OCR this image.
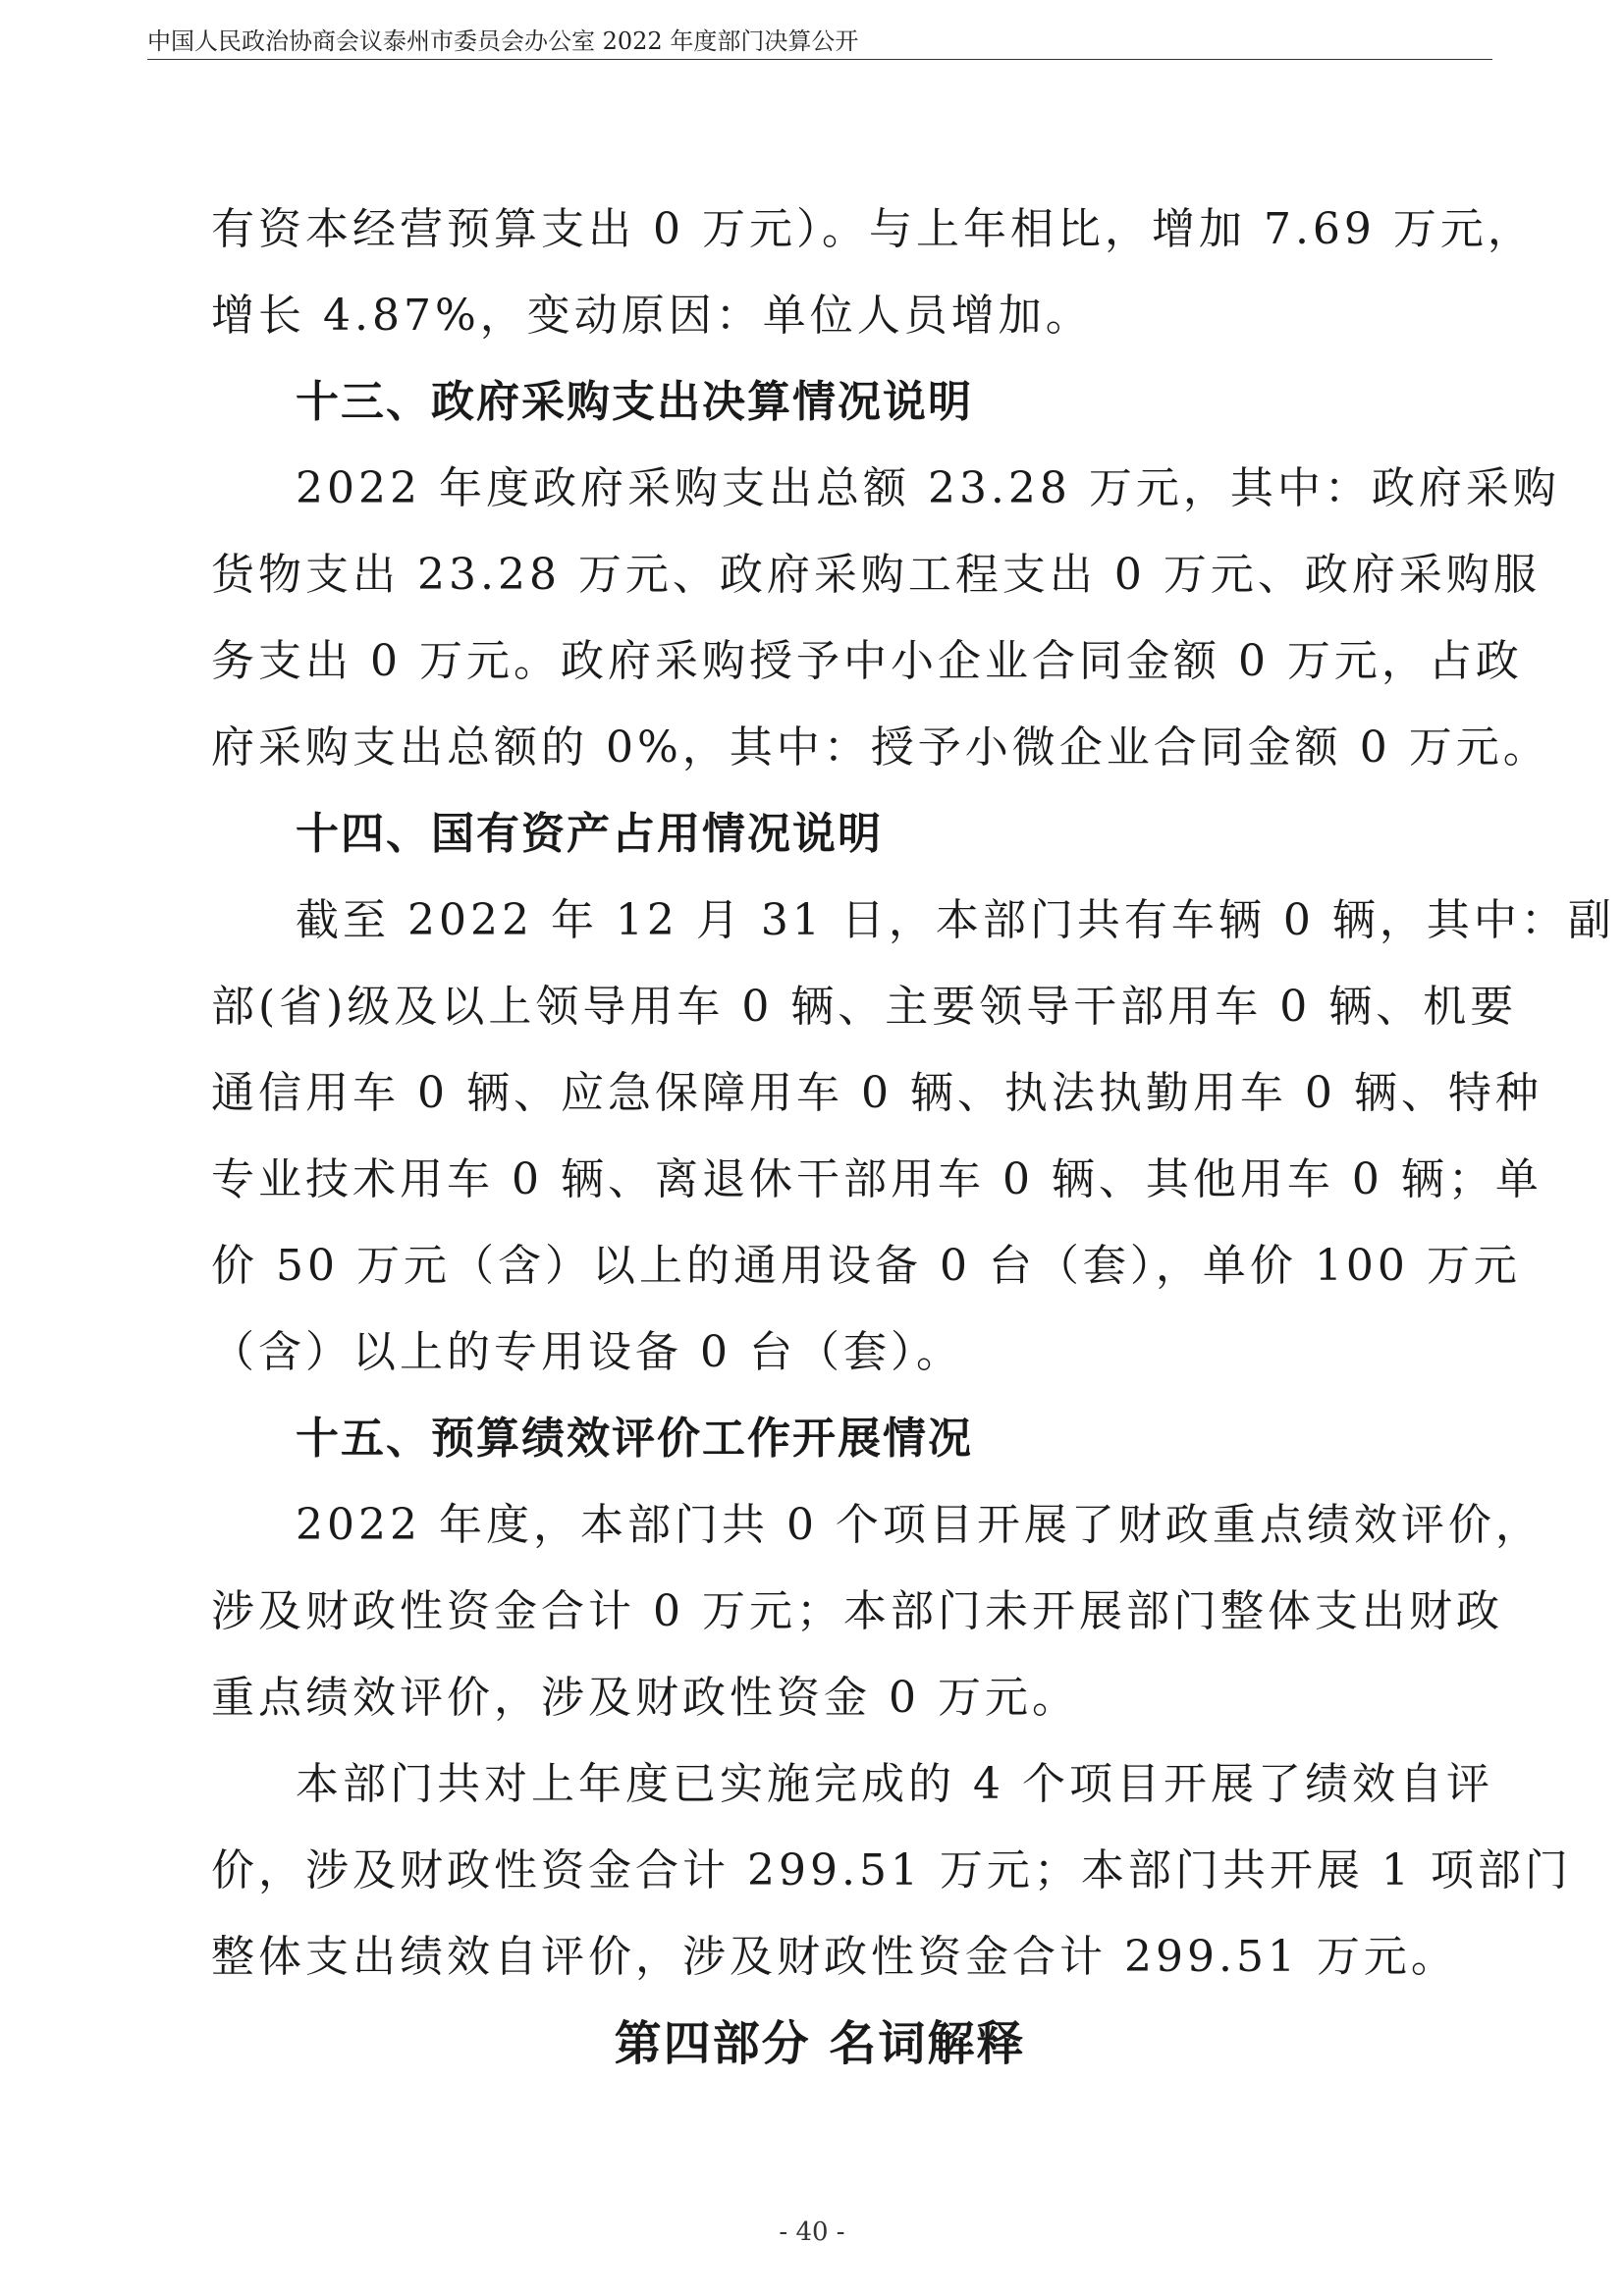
中国人民政治协商会议泰州市委员会办公室 2022 年度部门决算公开
有资本经营预算支出 0 万元）。与上年相比，增加 7.69 万元，
增长 4.87%，变动原因：单位人员增加。
十三、政府采购支出决算情况说明
2022 年度政府采购支出总额 23.28 万元，其中：政府采购
货物支出 23.28 万元、政府采购工程支出 0 万元、政府采购服
务支出 0 万元。政府采购授予中小企业合同金额 0 万元，占政
府采购支出总额的 0%，其中：授予小微企业合同金额 0 万元。
十四、国有资产占用情况说明
截至 2022 年 12 月 31 日，本部门共有车辆 0 辆，其中：副
部(省)级及以上领导用车 0 辆、主要领导干部用车 0 辆、机要
通信用车 0 辆、应急保障用车 0 辆、执法执勤用车 0 辆、特种
专业技术用车 0 辆、离退休干部用车 0 辆、其他用车 0 辆；单
价 50 万元（含）以上的通用设备 0 台（套），单价 100 万元
（含）以上的专用设备 0 台（套）。
十五、预算绩效评价工作开展情况
2022 年度，本部门共 0 个项目开展了财政重点绩效评价，
涉及财政性资金合计 0 万元；本部门未开展部门整体支出财政
重点绩效评价，涉及财政性资金 0 万元。
本部门共对上年度已实施完成的 4 个项目开展了绩效自评
价，涉及财政性资金合计 299.51 万元；本部门共开展 1 项部门
整体支出绩效自评价，涉及财政性资金合计 299.51 万元。
第四部分 名词解释
- 40 -
